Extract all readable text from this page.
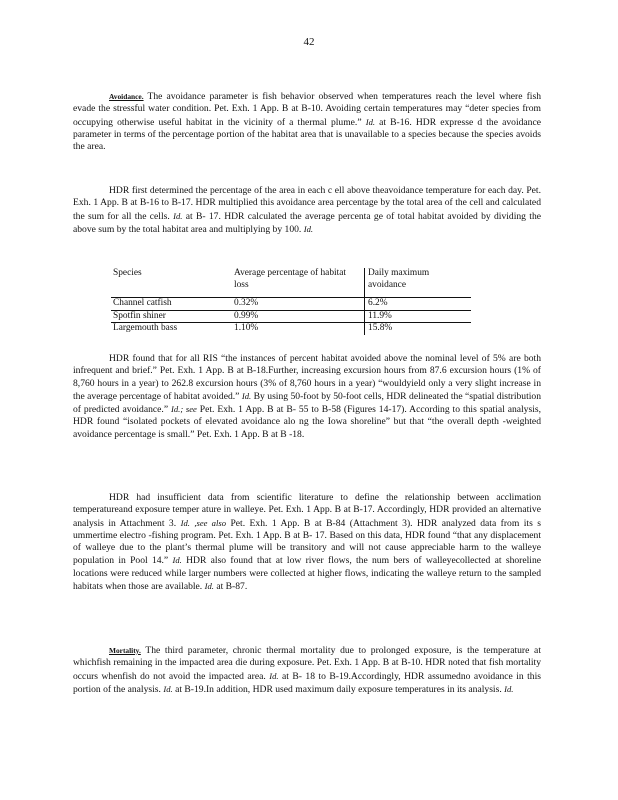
42

Avoidance. The avoidance parameter is fish behavior observed when temperatures reach the level where fish evade the stressful water condition. Pet. Exh. 1 App. B at B-10. Avoiding certain temperatures may “deter species from occupying otherwise useful habitat in the vicinity of a thermal plume.” Id. at B-16. HDR expresse d the avoidance parameter in terms of the percentage portion of the habitat area that is unavailable to a species because the species avoids the area.

HDR first determined the percentage of the area in each c ell above theavoidance temperature for each day. Pet. Exh. 1 App. B at B-16 to B-17. HDR multiplied this avoidance area percentage by the total area of the cell and calculated the sum for all the cells. Id. at B- 17. HDR calculated the average percenta ge of total habitat avoided by dividing the above sum by the total habitat area and multiplying by 100. Id.

Species	Average percentage of habitat loss	Daily maximum avoidance
Channel catfish	0.32%	6.2%
Spotfin shiner	0.99%	11.9%
Largemouth bass	1.10%	15.8%

HDR found that for all RIS “the instances of percent habitat avoided above the nominal level of 5% are both infrequent and brief.” Pet. Exh. 1 App. B at B-18.Further, increasing excursion hours from 87.6 excursion hours (1% of 8,760 hours in a year) to 262.8 excursion hours (3% of 8,760 hours in a year) “wouldyield only a very slight increase in the average percentage of habitat avoided.” Id. By using 50-foot by 50-foot cells, HDR delineated the “spatial distribution of predicted avoidance.” Id.; see Pet. Exh. 1 App. B at B- 55 to B-58 (Figures 14-17). According to this spatial analysis, HDR found “isolated pockets of elevated avoidance alo ng the Iowa shoreline” but that “the overall depth -weighted avoidance percentage is small.” Pet. Exh. 1 App. B at B -18.

HDR had insufficient data from scientific literature to define the relationship between acclimation temperatureand exposure temper ature in walleye. Pet. Exh. 1 App. B at B-17. Accordingly, HDR provided an alternative analysis in Attachment 3. Id. ,see also Pet. Exh. 1 App. B at B-84 (Attachment 3). HDR analyzed data from its s ummertime electro -fishing program. Pet. Exh. 1 App. B at B- 17. Based on this data, HDR found “that any displacement of walleye due to the plant’s thermal plume will be transitory and will not cause appreciable harm to the walleye population in Pool 14.” Id. HDR also found that at low river flows, the num bers of walleyecollected at shoreline locations were reduced while larger numbers were collected at higher flows, indicating the walleye return to the sampled habitats when those are available. Id. at B-87.

Mortality. The third parameter, chronic thermal mortality due to prolonged exposure, is the temperature at whichfish remaining in the impacted area die during exposure. Pet. Exh. 1 App. B at B-10. HDR noted that fish mortality occurs whenfish do not avoid the impacted area. Id. at B- 18 to B-19.Accordingly, HDR assumedno avoidance in this portion of the analysis. Id. at B-19.In addition, HDR used maximum daily exposure temperatures in its analysis. Id.
